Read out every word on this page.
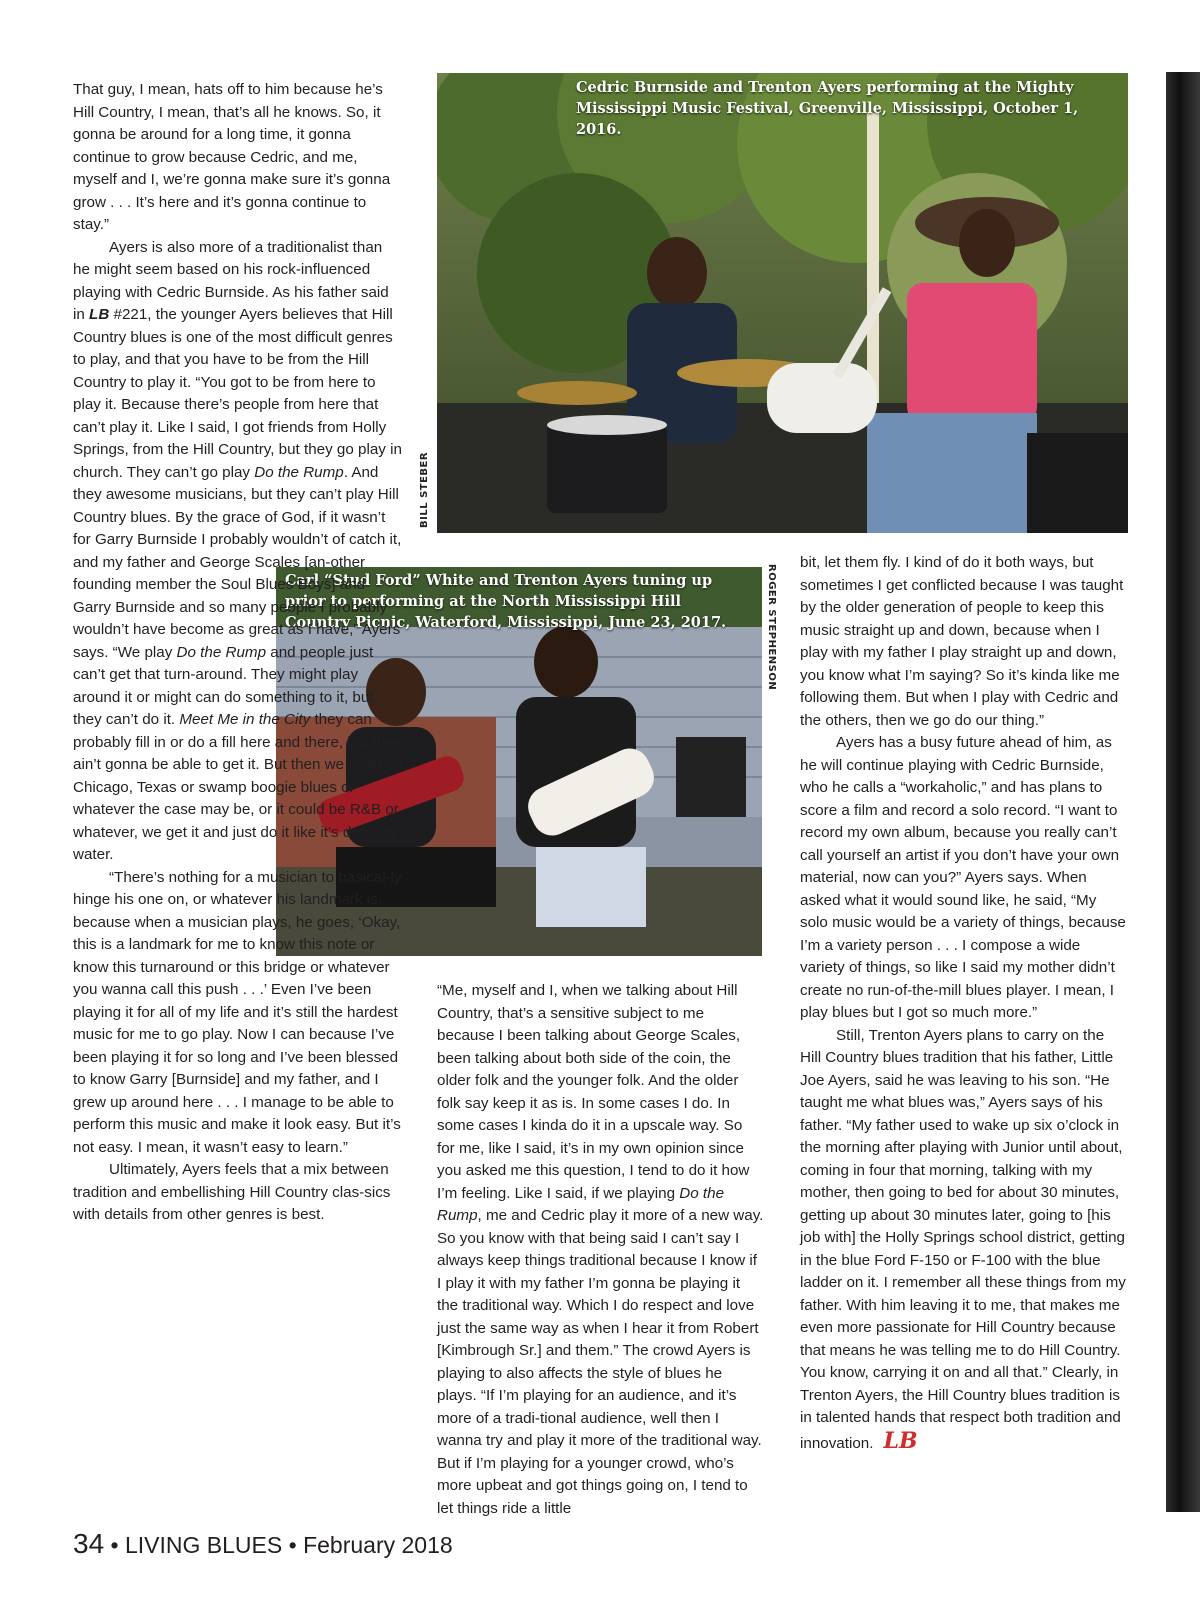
Cedric Burnside and Trenton Ayers performing at the Mighty Mississippi Music Festival, Greenville, Mississippi, October 1, 2016.
BILL STEBER
Carl “Stud Ford” White and Trenton Ayers tuning up prior to performing at the North Mississippi Hill Country Picnic, Waterford, Mississippi, June 23, 2017.	ROGER STEPHENSON

That guy, I mean, hats off to him because he’s Hill Country, I mean, that’s all he knows. So, it gonna be around for a long time, it gonna continue to grow because Cedric, and me, myself and I, we’re gonna make sure it’s gonna grow . . . It’s here and it’s gonna continue to stay.”

Ayers is also more of a traditionalist than he might seem based on his rock-influenced playing with Cedric Burnside. As his father said in LB #221, the younger Ayers believes that Hill Country blues is one of the most difficult genres to play, and that you have to be from the Hill Country to play it. “You got to be from here to play it. Because there’s people from here that can’t play it. Like I said, I got friends from Holly Springs, from the Hill Country, but they go play in church. They can’t go play Do the Rump. And they awesome musicians, but they can’t play Hill Country blues. By the grace of God, if it wasn’t for Garry Burnside I probably wouldn’t of catch it, and my father and George Scales [an-other founding member the Soul Blues Boys] and Garry Burnside and so many people I probably wouldn’t have become as great as I have,” Ayers says. “We play Do the Rump and people just can’t get that turn-around. They might play around it or might can do something to it, but they can’t do it. Meet Me in the City they can probably fill in or do a fill here and there, but they ain’t gonna be able to get it. But then we jump on Chicago, Texas or swamp boogie blues or whatever the case may be, or it could be R&B or whatever, we get it and just do it like it’s drinking water.

“There’s nothing for a musician to basical-ly hinge his one on, or whatever his landmark is, because when a musician plays, he goes, ‘Okay, this is a landmark for me to know this note or know this turnaround or this bridge or whatever you wanna call this push . . .’ Even I’ve been playing it for all of my life and it’s still the hardest music for me to go play. Now I can because I’ve been playing it for so long and I’ve been blessed to know Garry [Burnside] and my father, and I grew up around here . . . I manage to be able to perform this music and make it look easy. But it’s not easy. I mean, it wasn’t easy to learn.”

Ultimately, Ayers feels that a mix between tradition and embellishing Hill Country clas-sics with details from other genres is best.

“Me, myself and I, when we talking about Hill Country, that’s a sensitive subject to me because I been talking about George Scales, been talking about both side of the coin, the older folk and the younger folk. And the older folk say keep it as is. In some cases I do. In some cases I kinda do it in a upscale way. So for me, like I said, it’s in my own opinion since you asked me this question, I tend to do it how I’m feeling. Like I said, if we playing Do the Rump, me and Cedric play it more of a new way. So you know with that being said I can’t say I always keep things traditional because I know if I play it with my father I’m gonna be playing it the traditional way. Which I do respect and love just the same way as when I hear it from Robert [Kimbrough Sr.] and them.” The crowd Ayers is playing to also affects the style of blues he plays. “If I’m playing for an audience, and it’s more of a tradi-tional audience, well then I wanna try and play it more of the traditional way. But if I’m playing for a younger crowd, who’s more upbeat and got things going on, I tend to let things ride a little

bit, let them fly. I kind of do it both ways, but sometimes I get conflicted because I was taught by the older generation of people to keep this music straight up and down, because when I play with my father I play straight up and down, you know what I’m saying? So it’s kinda like me following them. But when I play with Cedric and the others, then we go do our thing.”

Ayers has a busy future ahead of him, as he will continue playing with Cedric Burnside, who he calls a “workaholic,” and has plans to score a film and record a solo record. “I want to record my own album, because you really can’t call yourself an artist if you don’t have your own material, now can you?” Ayers says. When asked what it would sound like, he said, “My solo music would be a variety of things, because I’m a variety person . . . I compose a wide variety of things, so like I said my mother didn’t create no run-of-the-mill blues player. I mean, I play blues but I got so much more.”

Still, Trenton Ayers plans to carry on the Hill Country blues tradition that his father, Little Joe Ayers, said he was leaving to his son. “He taught me what blues was,” Ayers says of his father. “My father used to wake up six o’clock in the morning after playing with Junior until about, coming in four that morning, talking with my mother, then going to bed for about 30 minutes, getting up about 30 minutes later, going to [his job with] the Holly Springs school district, getting in the blue Ford F-150 or F-100 with the blue ladder on it. I remember all these things from my father. With him leaving it to me, that makes me even more passionate for Hill Country because that means he was telling me to do Hill Country. You know, carrying it on and all that.” Clearly, in Trenton Ayers, the Hill Country blues tradition is in talented hands that respect both tradition and innovation. LB

34 • LIVING BLUES • February 2018
